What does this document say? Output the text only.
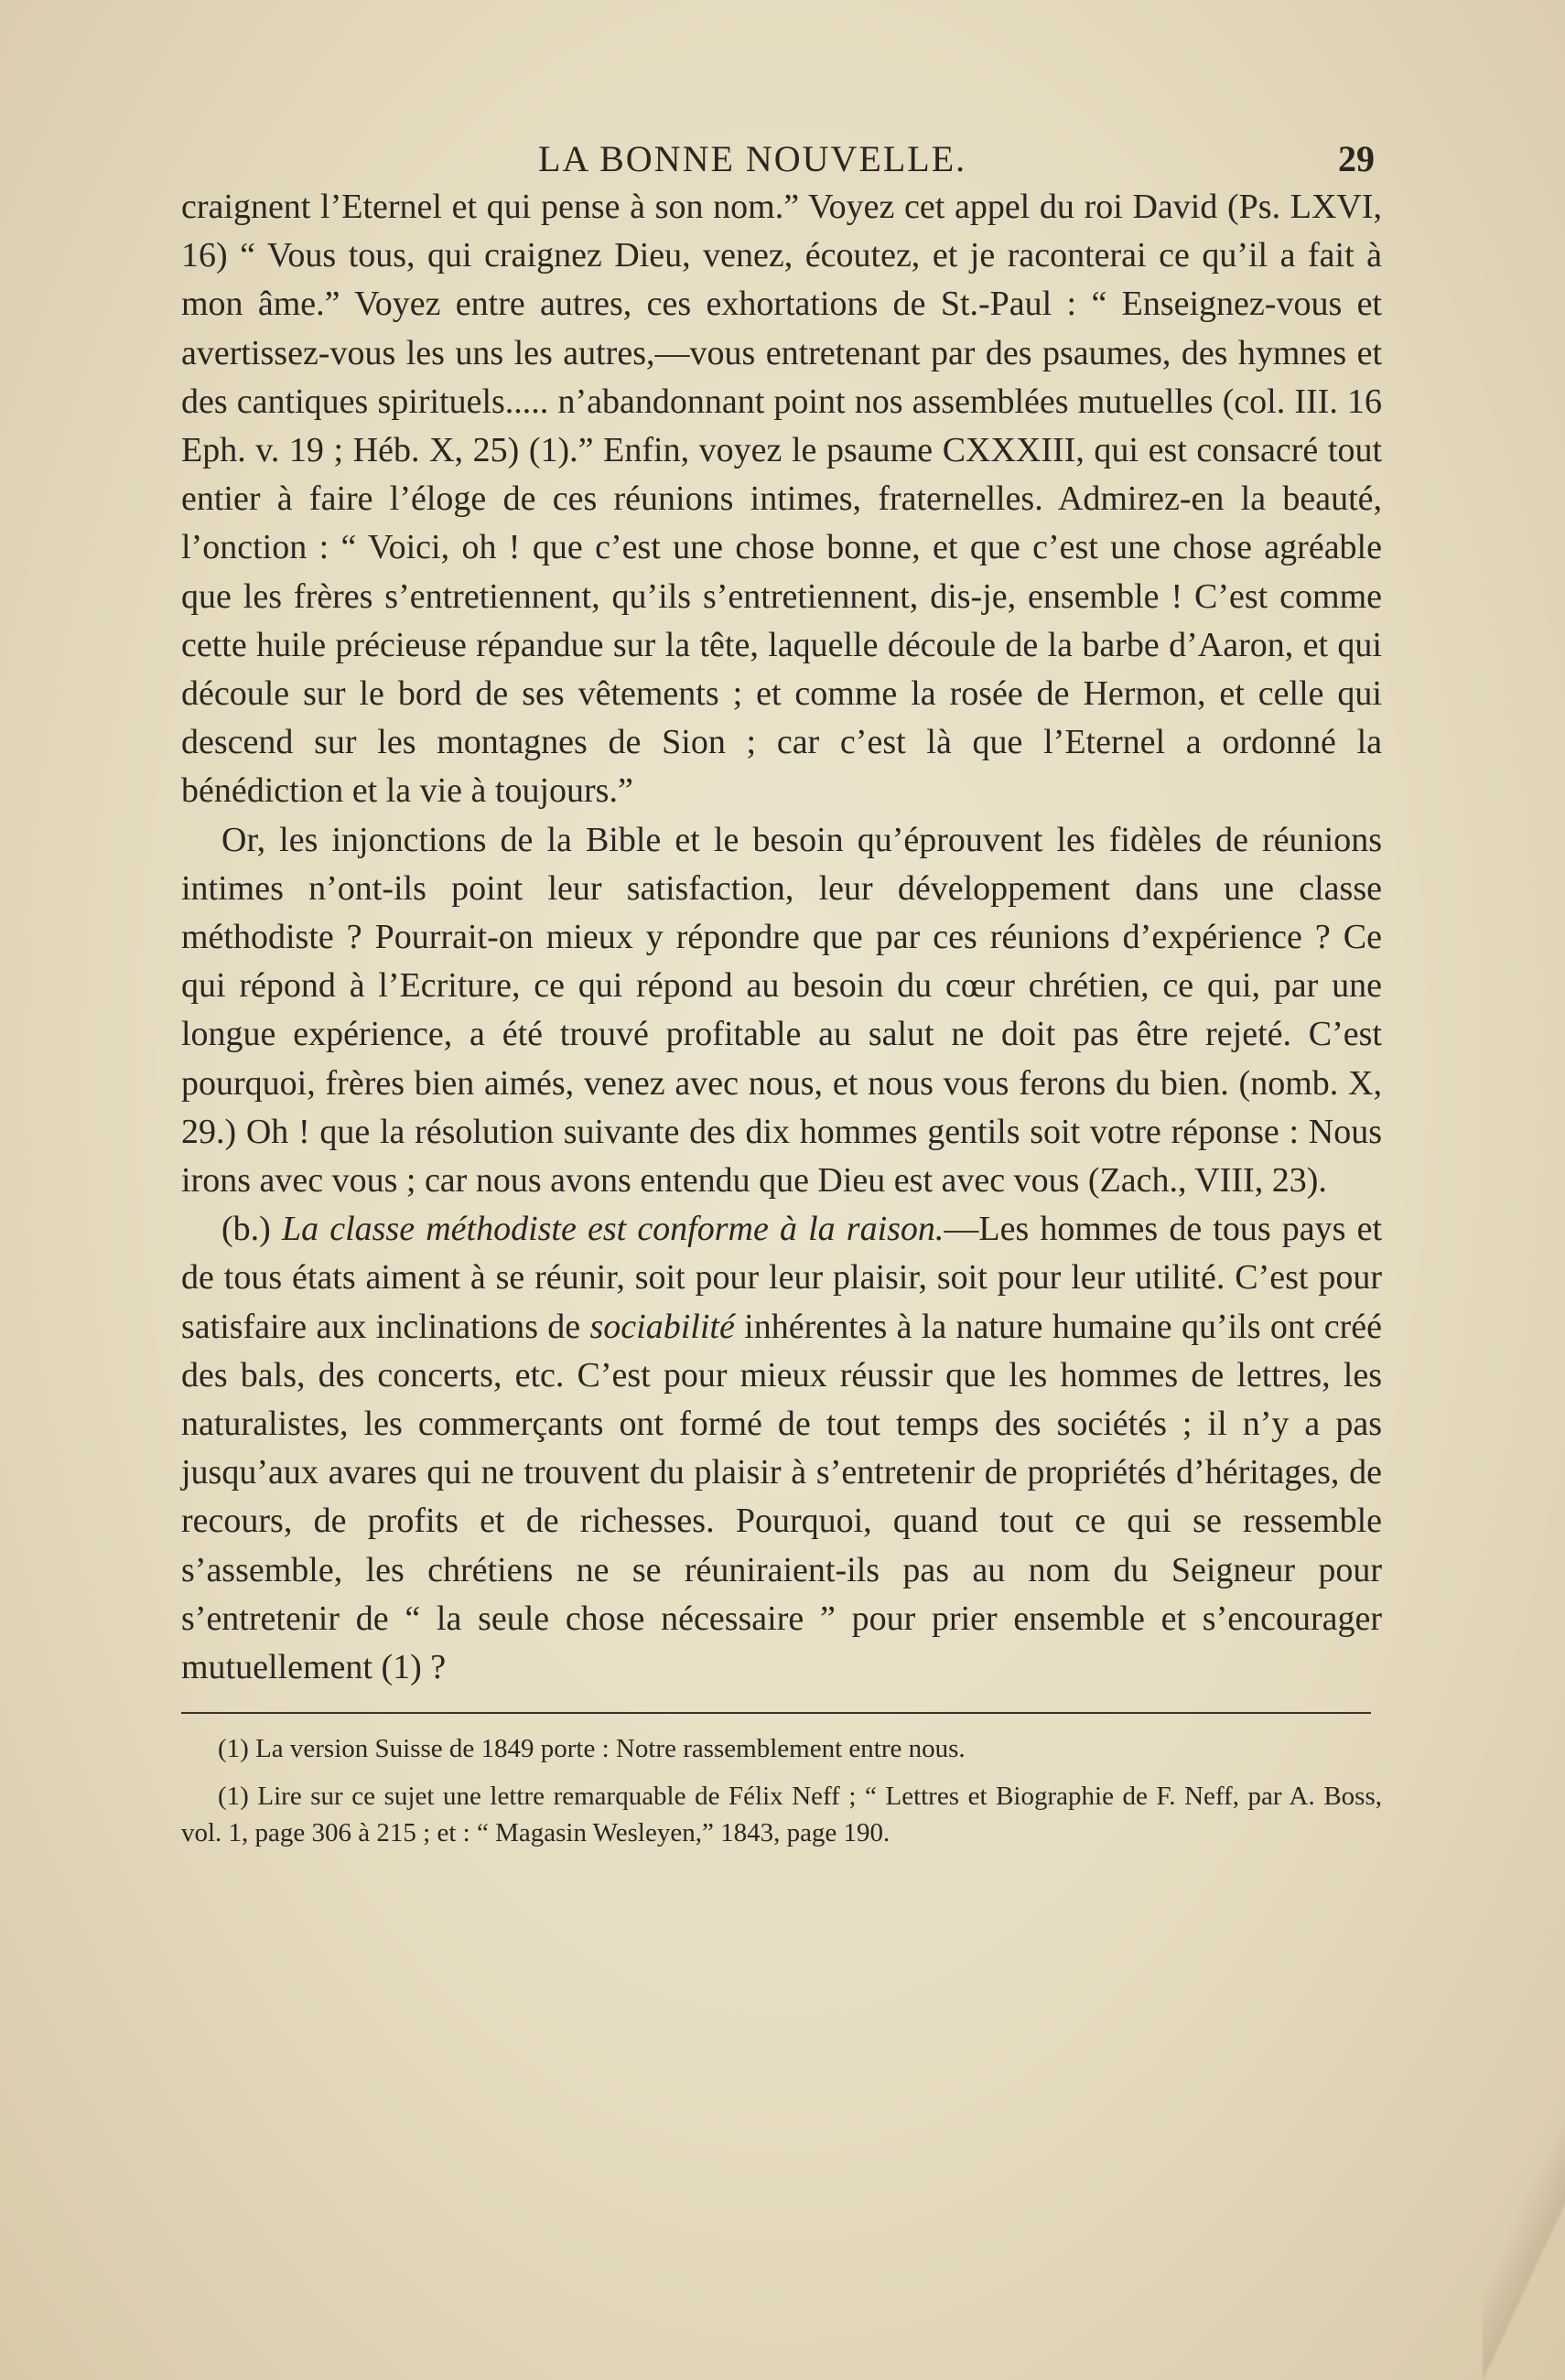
LA BONNE NOUVELLE.	29

craignent l’Eternel et qui pense à son nom.” Voyez cet appel du roi David (Ps. LXVI, 16) “ Vous tous, qui craignez Dieu, venez, écoutez, et je raconterai ce qu’il a fait à mon âme.” Voyez entre autres, ces exhortations de St.-Paul : “ Enseignez-vous et avertissez-vous les uns les autres,—vous entretenant par des psaumes, des hymnes et des cantiques spirituels..... n’abandonnant point nos assemblées mutuelles (col. III. 16 Eph. v. 19 ; Héb. X, 25) (1).” Enfin, voyez le psaume CXXXIII, qui est consacré tout entier à faire l’éloge de ces réunions intimes, fraternelles. Admirez-en la beauté, l’onction : “ Voici, oh ! que c’est une chose bonne, et que c’est une chose agréable que les frères s’entretiennent, qu’ils s’entretiennent, dis-je, ensemble ! C’est comme cette huile précieuse répandue sur la tête, laquelle découle de la barbe d’Aaron, et qui découle sur le bord de ses vêtements ; et comme la rosée de Hermon, et celle qui descend sur les montagnes de Sion ; car c’est là que l’Eternel a ordonné la bénédiction et la vie à toujours.”

Or, les injonctions de la Bible et le besoin qu’éprouvent les fidèles de réunions intimes n’ont-ils point leur satisfaction, leur développement dans une classe méthodiste ? Pourrait-on mieux y répondre que par ces réunions d’expérience ? Ce qui répond à l’Ecriture, ce qui répond au besoin du cœur chrétien, ce qui, par une longue expérience, a été trouvé profitable au salut ne doit pas être rejeté. C’est pourquoi, frères bien aimés, venez avec nous, et nous vous ferons du bien. (nomb. X, 29.) Oh ! que la résolution suivante des dix hommes gentils soit votre réponse : Nous irons avec vous ; car nous avons entendu que Dieu est avec vous (Zach., VIII, 23).

(b.) La classe méthodiste est conforme à la raison.—Les hommes de tous pays et de tous états aiment à se réunir, soit pour leur plaisir, soit pour leur utilité. C’est pour satisfaire aux inclinations de sociabilité inhérentes à la nature humaine qu’ils ont créé des bals, des concerts, etc. C’est pour mieux réussir que les hommes de lettres, les naturalistes, les commerçants ont formé de tout temps des sociétés ; il n’y a pas jusqu’aux avares qui ne trouvent du plaisir à s’entretenir de propriétés d’héritages, de recours, de profits et de richesses. Pourquoi, quand tout ce qui se ressemble s’assemble, les chrétiens ne se réuniraient-ils pas au nom du Seigneur pour s’entretenir de “ la seule chose nécessaire ” pour prier ensemble et s’encourager mutuellement (1) ?

(1) La version Suisse de 1849 porte : Notre rassemblement entre nous.

(1) Lire sur ce sujet une lettre remarquable de Félix Neff ; “ Lettres et Biographie de F. Neff, par A. Boss, vol. 1, page 306 à 215 ; et : “ Magasin Wesleyen,” 1843, page 190.
